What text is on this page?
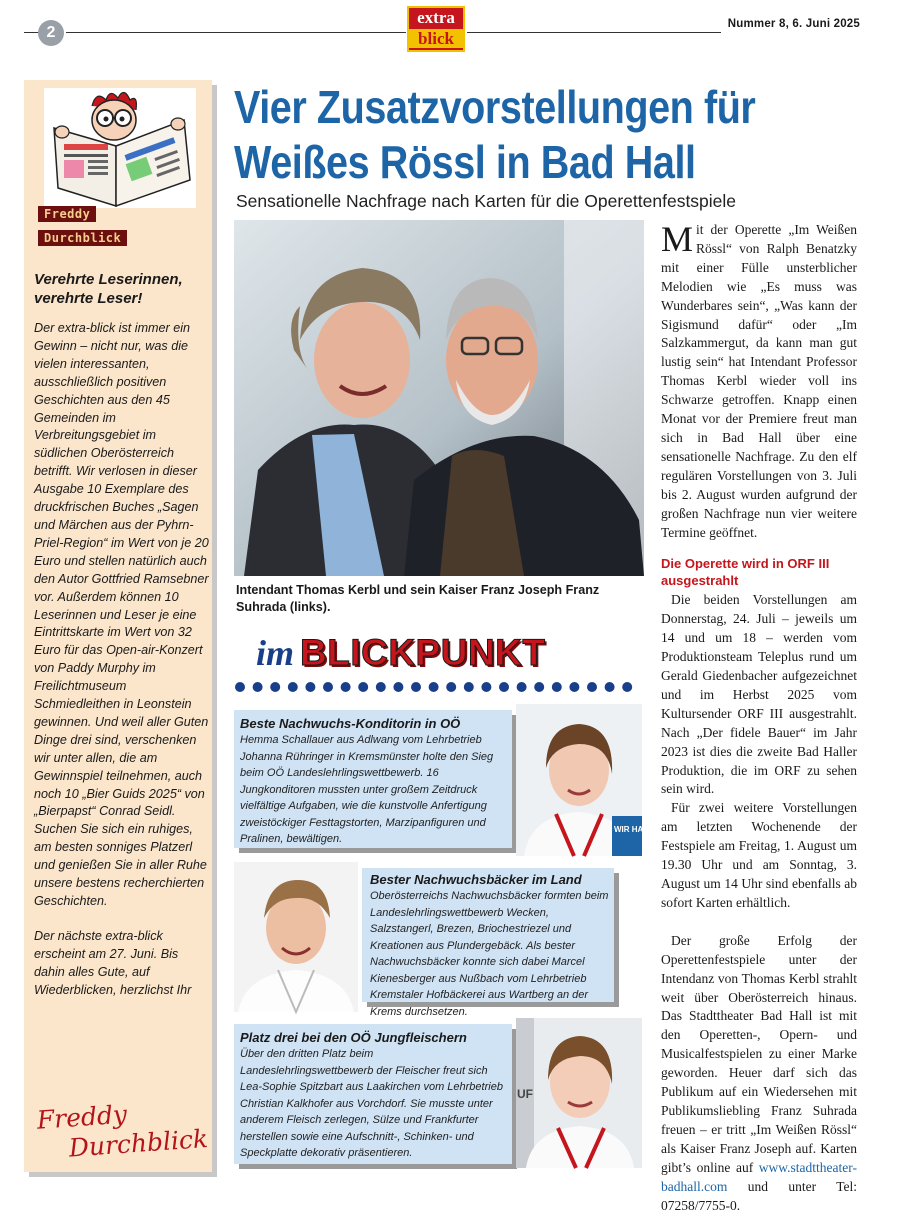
2
extra
blick
Nummer 8, 6. Juni 2025
Freddy
Durchblick
Verehrte Leserinnen, verehrte Leser!

Der extra-blick ist immer ein Gewinn – nicht nur, was die vielen interessanten, ausschließlich positiven Geschichten aus den 45 Gemeinden im Verbreitungsgebiet im südlichen Oberösterreich betrifft. Wir verlosen in dieser Ausgabe 10 Exemplare des druckfrischen Buches „Sagen und Märchen aus der Pyhrn-Priel-Region“ im Wert von je 20 Euro und stellen natürlich auch den Autor Gottfried Ramsebner vor. Außerdem können 10 Leserinnen und Leser je eine Eintrittskarte im Wert von 32 Euro für das Open-air-Konzert von Paddy Murphy im Freilichtmuseum Schmiedleithen in Leonstein gewinnen. Und weil aller Guten Dinge drei sind, verschenken wir unter allen, die am Gewinnspiel teilnehmen, auch noch 10 „Bier Guids 2025“ von „Bierpapst“ Conrad Seidl. Suchen Sie sich ein ruhiges, am besten sonniges Platzerl und genießen Sie in aller Ruhe unsere bestens recherchierten Geschichten.

Der nächste extra-blick erscheint am 27. Juni. Bis dahin alles Gute, auf Wiederblicken, herzlichst Ihr

Freddy
Durchblick
Vier Zusatzvorstellungen für Weißes Rössl in Bad Hall
Sensationelle Nachfrage nach Karten für die Operettenfestspiele
Intendant Thomas Kerbl und sein Kaiser Franz Joseph Franz Suhrada (links).
im BLICKPUNKT
Beste Nachwuchs-Konditorin in OÖ

Hemma Schallauer aus Adlwang vom Lehrbetrieb Johanna Rühringer in Kremsmünster holte den Sieg beim OÖ Landeslehrlingswettbewerb. 16 Jungkonditoren mussten unter großem Zeitdruck vielfältige Aufgaben, wie die kunstvolle Anfertigung zweistöckiger Festtagstorten, Marzipanfiguren und Pralinen, bewältigen.

WIR HABEN DRA
Bester Nachwuchsbäcker im Land

Oberösterreichs Nachwuchsbäcker formten beim Landeslehrlingswettbewerb Wecken, Salzstangerl, Brezen, Briochestriezel und Kreationen aus Plundergebäck. Als bester Nachwuchsbäcker konnte sich dabei Marcel Kienesberger aus Nußbach vom Lehrbetrieb Kremstaler Hofbäckerei aus Wartberg an der Krems durchsetzen.

Platz drei bei den OÖ Jungfleischern

Über den dritten Platz beim Landeslehrlingswettbewerb der Fleischer freut sich Lea-Sophie Spitzbart aus Laakirchen vom Lehrbetrieb Christian Kalkhofer aus Vorchdorf. Sie musste unter anderem Fleisch zerlegen, Sülze und Frankfurter herstellen sowie eine Aufschnitt-, Schinken- und Speckplatte dekorativ präsentieren.

UF

Mit der Operette „Im Weißen Rössl“ von Ralph Benatzky mit einer Fülle unsterblicher Melodien wie „Es muss was Wunderbares sein“, „Was kann der Sigismund dafür“ oder „Im Salzkammergut, da kann man gut lustig sein“ hat Intendant Professor Thomas Kerbl wieder voll ins Schwarze getroffen. Knapp einen Monat vor der Premiere freut man sich in Bad Hall über eine sensationelle Nachfrage. Zu den elf regulären Vorstellungen von 3. Juli bis 2. August wurden aufgrund der großen Nachfrage nun vier weitere Termine geöffnet.

Die Operette wird in ORF III ausgestrahlt

Die beiden Vorstellungen am Donnerstag, 24. Juli – jeweils um 14 und um 18 – werden vom Produktionsteam Teleplus rund um Gerald Giedenbacher aufgezeichnet und im Herbst 2025 vom Kultursender ORF III ausgestrahlt. Nach „Der fidele Bauer“ im Jahr 2023 ist dies die zweite Bad Haller Produktion, die im ORF zu sehen sein wird.

Für zwei weitere Vorstellungen am letzten Wochenende der Festspiele am Freitag, 1. August um 19.30 Uhr und am Sonntag, 3. August um 14 Uhr sind ebenfalls ab sofort Karten erhältlich.

Der große Erfolg der Operettenfestspiele unter der Intendanz von Thomas Kerbl strahlt weit über Oberösterreich hinaus. Das Stadttheater Bad Hall ist mit den Operetten-, Opern- und Musicalfestspielen zu einer Marke geworden. Heuer darf sich das Publikum auf ein Wiedersehen mit Publikumsliebling Franz Suhrada freuen – er tritt „Im Weißen Rössl“ als Kaiser Franz Joseph auf. Karten gibt’s online auf www.stadttheater-badhall.com und unter Tel: 07258/7755-0.
